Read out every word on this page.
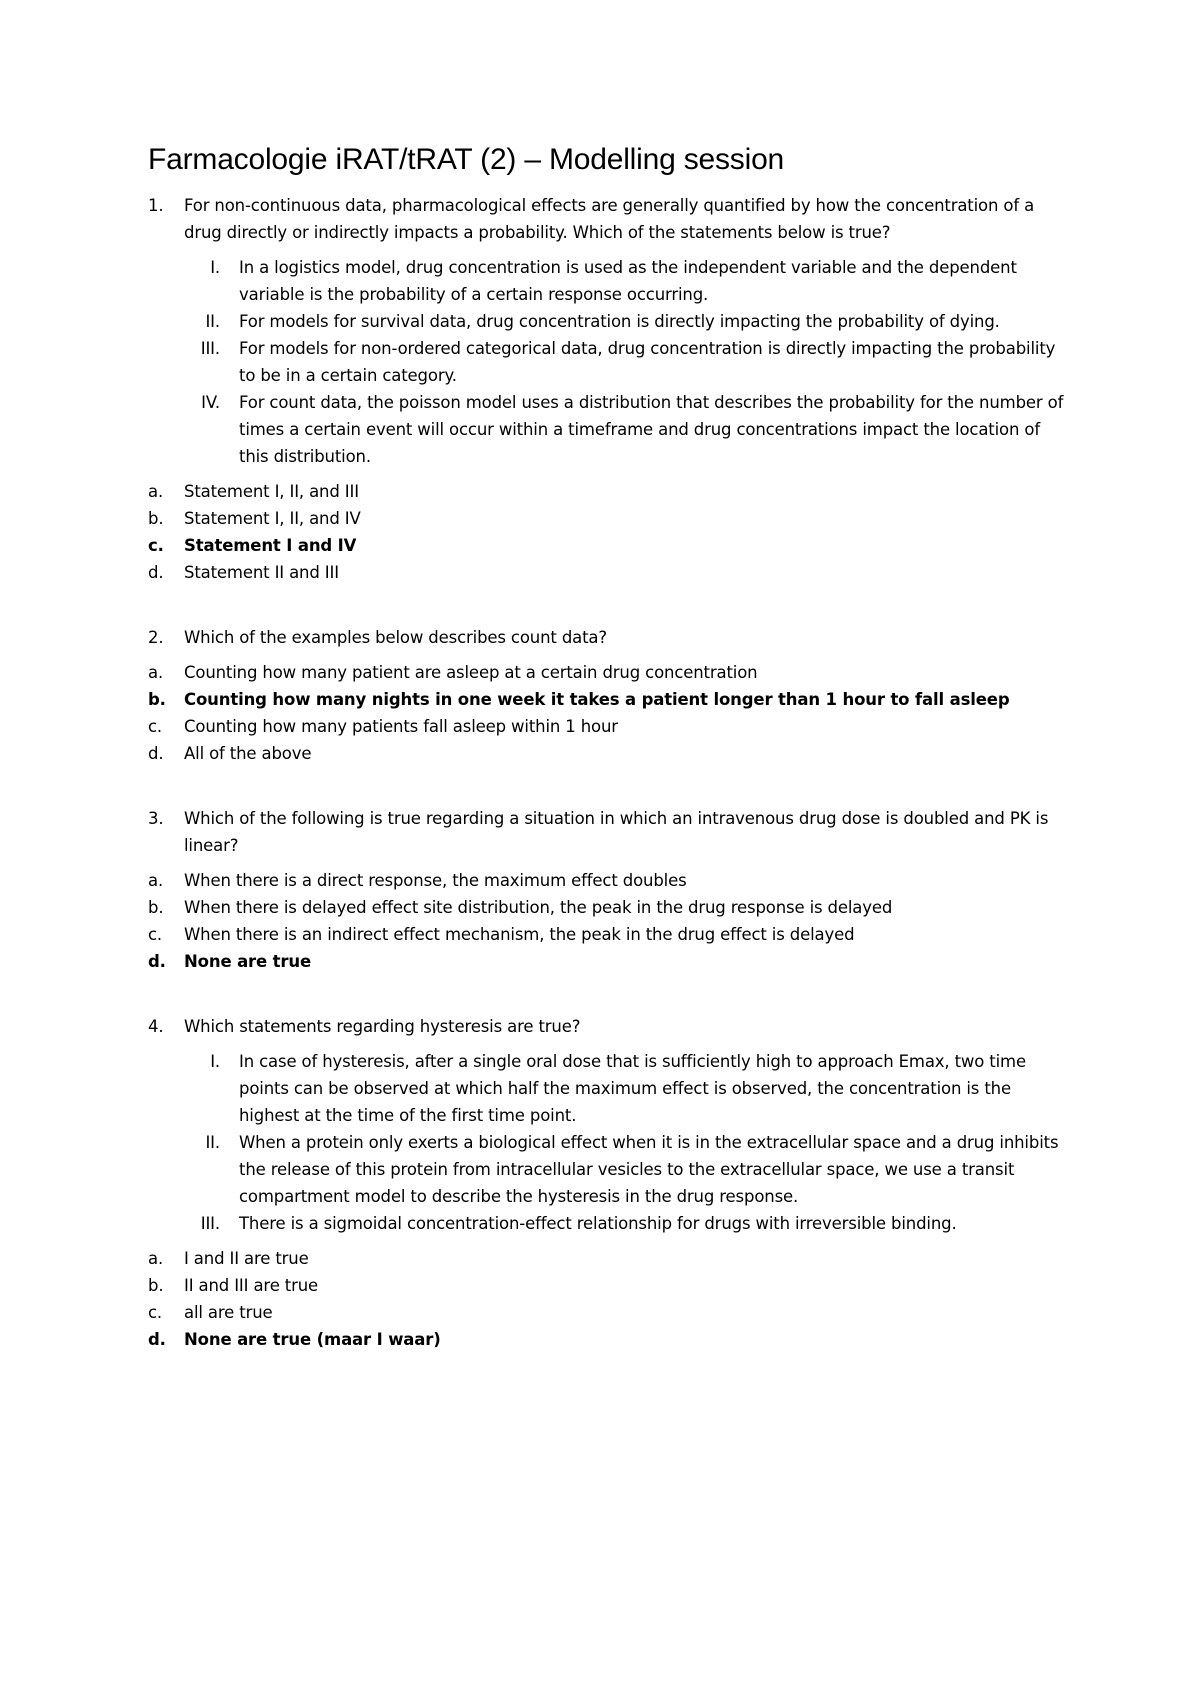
Farmacologie iRAT/tRAT (2) – Modelling session
1.	For non-continuous data, pharmacological effects are generally quantified by how the concentration of a drug directly or indirectly impacts a probability. Which of the statements below is true?
I.	In a logistics model, drug concentration is used as the independent variable and the dependent variable is the probability of a certain response occurring.
II.	For models for survival data, drug concentration is directly impacting the probability of dying.
III.	For models for non-ordered categorical data, drug concentration is directly impacting the probability to be in a certain category.
IV.	For count data, the poisson model uses a distribution that describes the probability for the number of times a certain event will occur within a timeframe and drug concentrations impact the location of this distribution.
a.	Statement I, II, and III
b.	Statement I, II, and IV
c.	Statement I and IV
d.	Statement II and III
2.	Which of the examples below describes count data?
a.	Counting how many patient are asleep at a certain drug concentration
b.	Counting how many nights in one week it takes a patient longer than 1 hour to fall asleep
c.	Counting how many patients fall asleep within 1 hour
d.	All of the above
3.	Which of the following is true regarding a situation in which an intravenous drug dose is doubled and PK is linear?
a.	When there is a direct response, the maximum effect doubles
b.	When there is delayed effect site distribution, the peak in the drug response is delayed
c.	When there is an indirect effect mechanism, the peak in the drug effect is delayed
d.	None are true
4.	Which statements regarding hysteresis are true?
I.	In case of hysteresis, after a single oral dose that is sufficiently high to approach Emax, two time points can be observed at which half the maximum effect is observed, the concentration is the highest at the time of the first time point.
II.	When a protein only exerts a biological effect when it is in the extracellular space and a drug inhibits the release of this protein from intracellular vesicles to the extracellular space, we use a transit compartment model to describe the hysteresis in the drug response.
III.	There is a sigmoidal concentration-effect relationship for drugs with irreversible binding.
a.	I and II are true
b.	II and III are true
c.	all are true
d.	None are true (maar I waar)
